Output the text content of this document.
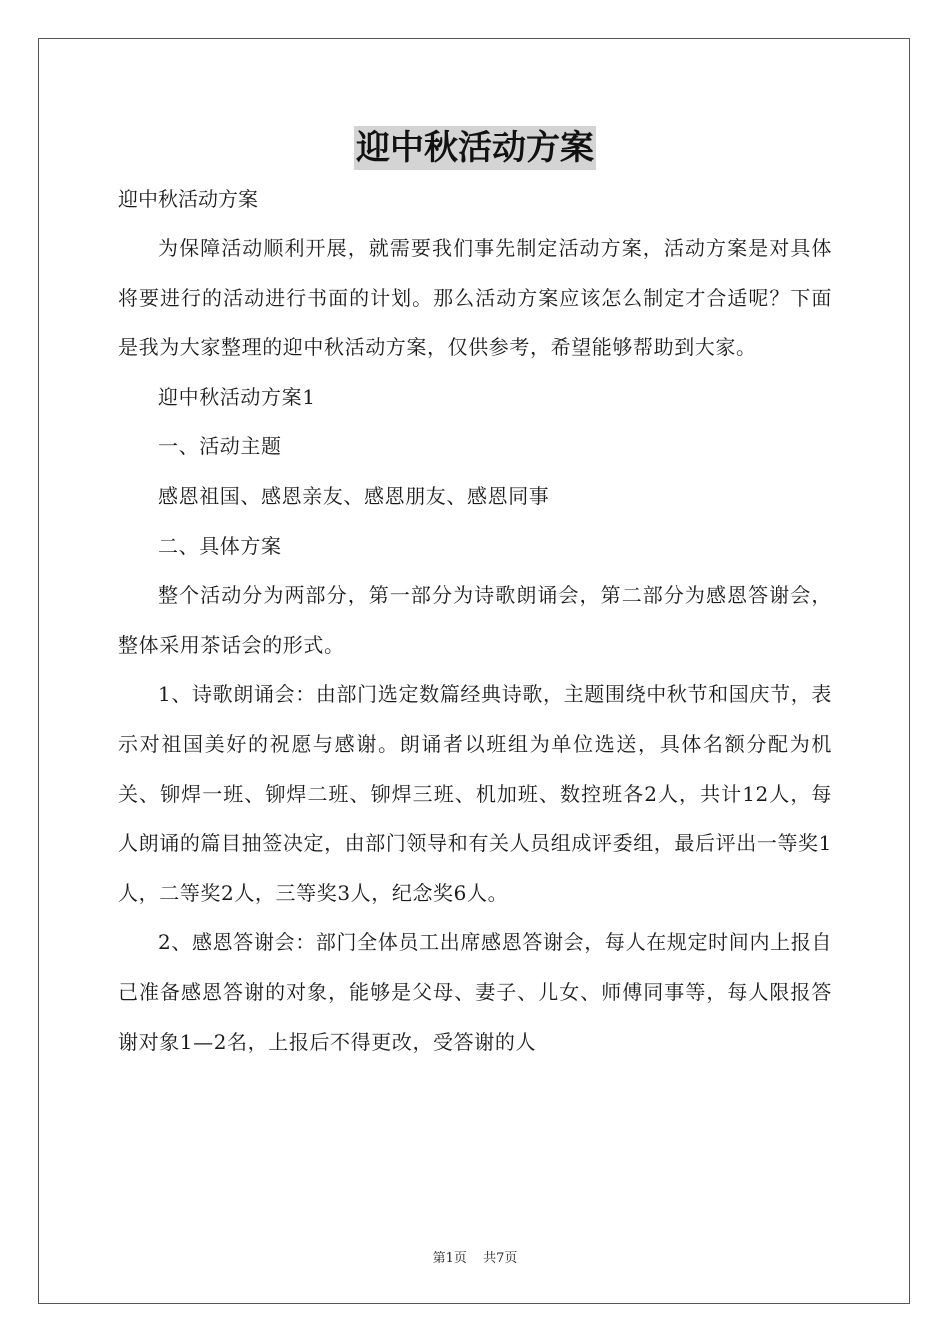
迎中秋活动方案
迎中秋活动方案

为保障活动顺利开展，就需要我们事先制定活动方案，活动方案是对具体将要进行的活动进行书面的计划。那么活动方案应该怎么制定才合适呢？下面是我为大家整理的迎中秋活动方案，仅供参考，希望能够帮助到大家。

迎中秋活动方案1

一、活动主题

感恩祖国、感恩亲友、感恩朋友、感恩同事

二、具体方案

整个活动分为两部分，第一部分为诗歌朗诵会，第二部分为感恩答谢会，整体采用茶话会的形式。

1、诗歌朗诵会：由部门选定数篇经典诗歌，主题围绕中秋节和国庆节，表示对祖国美好的祝愿与感谢。朗诵者以班组为单位选送，具体名额分配为机关、铆焊一班、铆焊二班、铆焊三班、机加班、数控班各2人，共计12人，每人朗诵的篇目抽签决定，由部门领导和有关人员组成评委组，最后评出一等奖1人，二等奖2人，三等奖3人，纪念奖6人。

2、感恩答谢会：部门全体员工出席感恩答谢会，每人在规定时间内上报自己准备感恩答谢的对象，能够是父母、妻子、儿女、师傅同事等，每人限报答谢对象1—2名，上报后不得更改，受答谢的人

第1页 共7页
